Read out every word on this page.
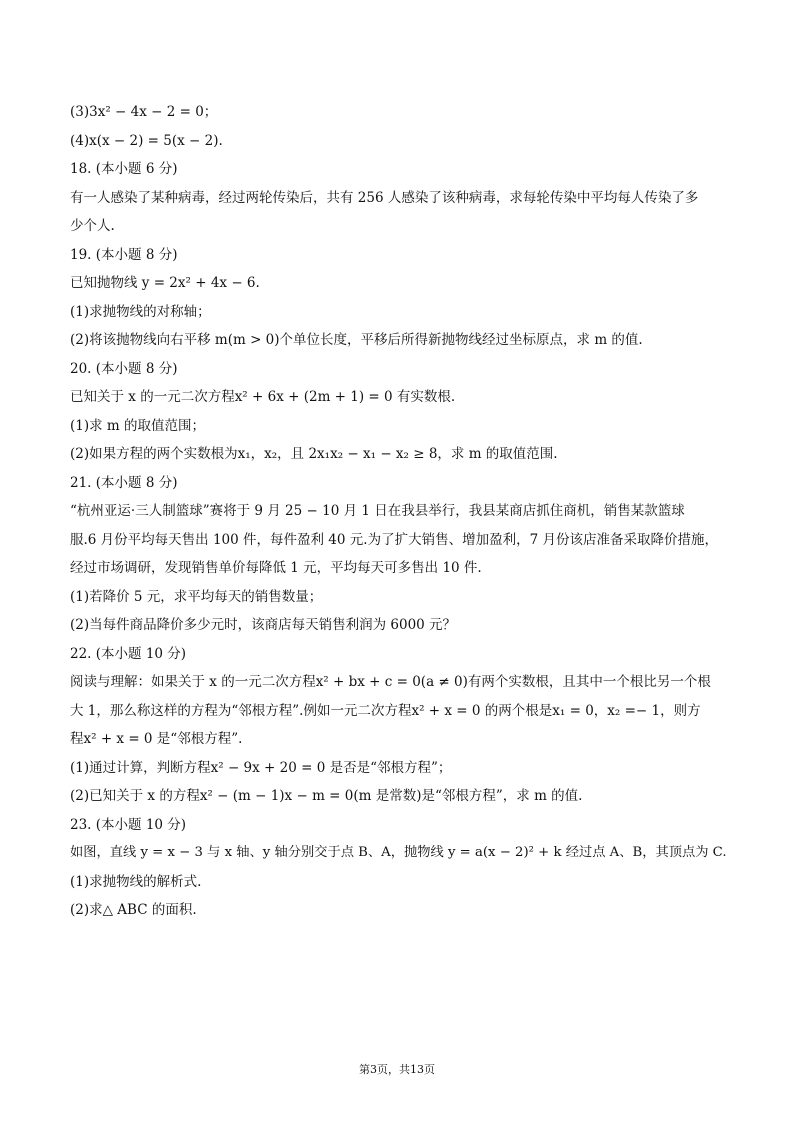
(3)3x² − 4x − 2 = 0；
(4)x(x − 2) = 5(x − 2).
18. (本小题 6 分)
有一人感染了某种病毒，经过两轮传染后，共有 256 人感染了该种病毒，求每轮传染中平均每人传染了多
少个人.
19. (本小题 8 分)
已知抛物线 y = 2x² + 4x − 6.
(1)求抛物线的对称轴；
(2)将该抛物线向右平移 m(m > 0)个单位长度，平移后所得新抛物线经过坐标原点，求 m 的值.
20. (本小题 8 分)
已知关于 x 的一元二次方程x² + 6x + (2m + 1) = 0 有实数根.
(1)求 m 的取值范围；
(2)如果方程的两个实数根为x₁，x₂，且 2x₁x₂ − x₁ − x₂ ≥ 8，求 m 的取值范围.
21. (本小题 8 分)
“杭州亚运·三人制篮球”赛将于 9 月 25 − 10 月 1 日在我县举行，我县某商店抓住商机，销售某款篮球
服.6 月份平均每天售出 100 件，每件盈利 40 元.为了扩大销售、增加盈利，7 月份该店准备采取降价措施，
经过市场调研，发现销售单价每降低 1 元，平均每天可多售出 10 件.
(1)若降价 5 元，求平均每天的销售数量；
(2)当每件商品降价多少元时，该商店每天销售利润为 6000 元？
22. (本小题 10 分)
阅读与理解：如果关于 x 的一元二次方程x² + bx + c = 0(a ≠ 0)有两个实数根，且其中一个根比另一个根
大 1，那么称这样的方程为“邻根方程”.例如一元二次方程x² + x = 0 的两个根是x₁ = 0，x₂ =− 1，则方
程x² + x = 0 是“邻根方程”.
(1)通过计算，判断方程x² − 9x + 20 = 0 是否是“邻根方程”；
(2)已知关于 x 的方程x² − (m − 1)x − m = 0(m 是常数)是“邻根方程”，求 m 的值.
23. (本小题 10 分)
如图，直线 y = x − 3 与 x 轴、y 轴分别交于点 B、A，抛物线 y = a(x − 2)² + k 经过点 A、B，其顶点为 C.
(1)求抛物线的解析式.
(2)求△ ABC 的面积.
第3页，共13页
